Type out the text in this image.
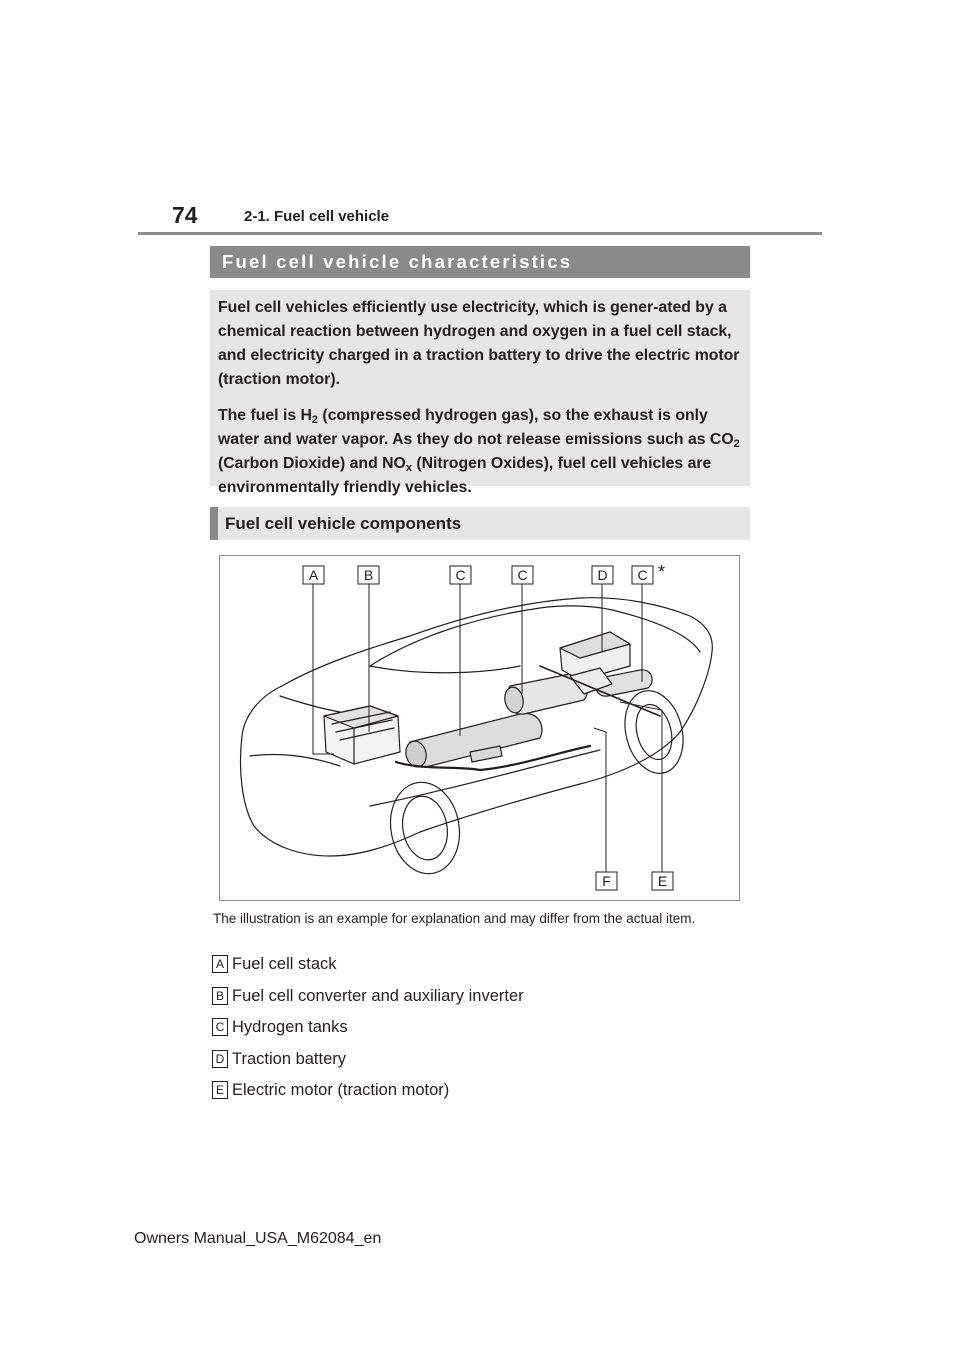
74	2-1. Fuel cell vehicle
Fuel cell vehicle characteristics

Fuel cell vehicles efficiently use electricity, which is gener-ated by a chemical reaction between hydrogen and oxygen in a fuel cell stack, and electricity charged in a traction battery to drive the electric motor (traction motor).

The fuel is $H_2$ (compressed hydrogen gas), so the exhaust is only water and water vapor. As they do not release emissions such as $CO_2$ (Carbon Dioxide) and $NO_x$ (Nitrogen Oxides), fuel cell vehicles are environmentally friendly vehicles.

Fuel cell vehicle components
A	B	C	C	D C *
F	E
The illustration is an example for explanation and may differ from the actual item.
A Fuel cell stack
B Fuel cell converter and auxiliary inverter
C Hydrogen tanks
D Traction battery
E Electric motor (traction motor)
Owners Manual_USA_M62084_en
